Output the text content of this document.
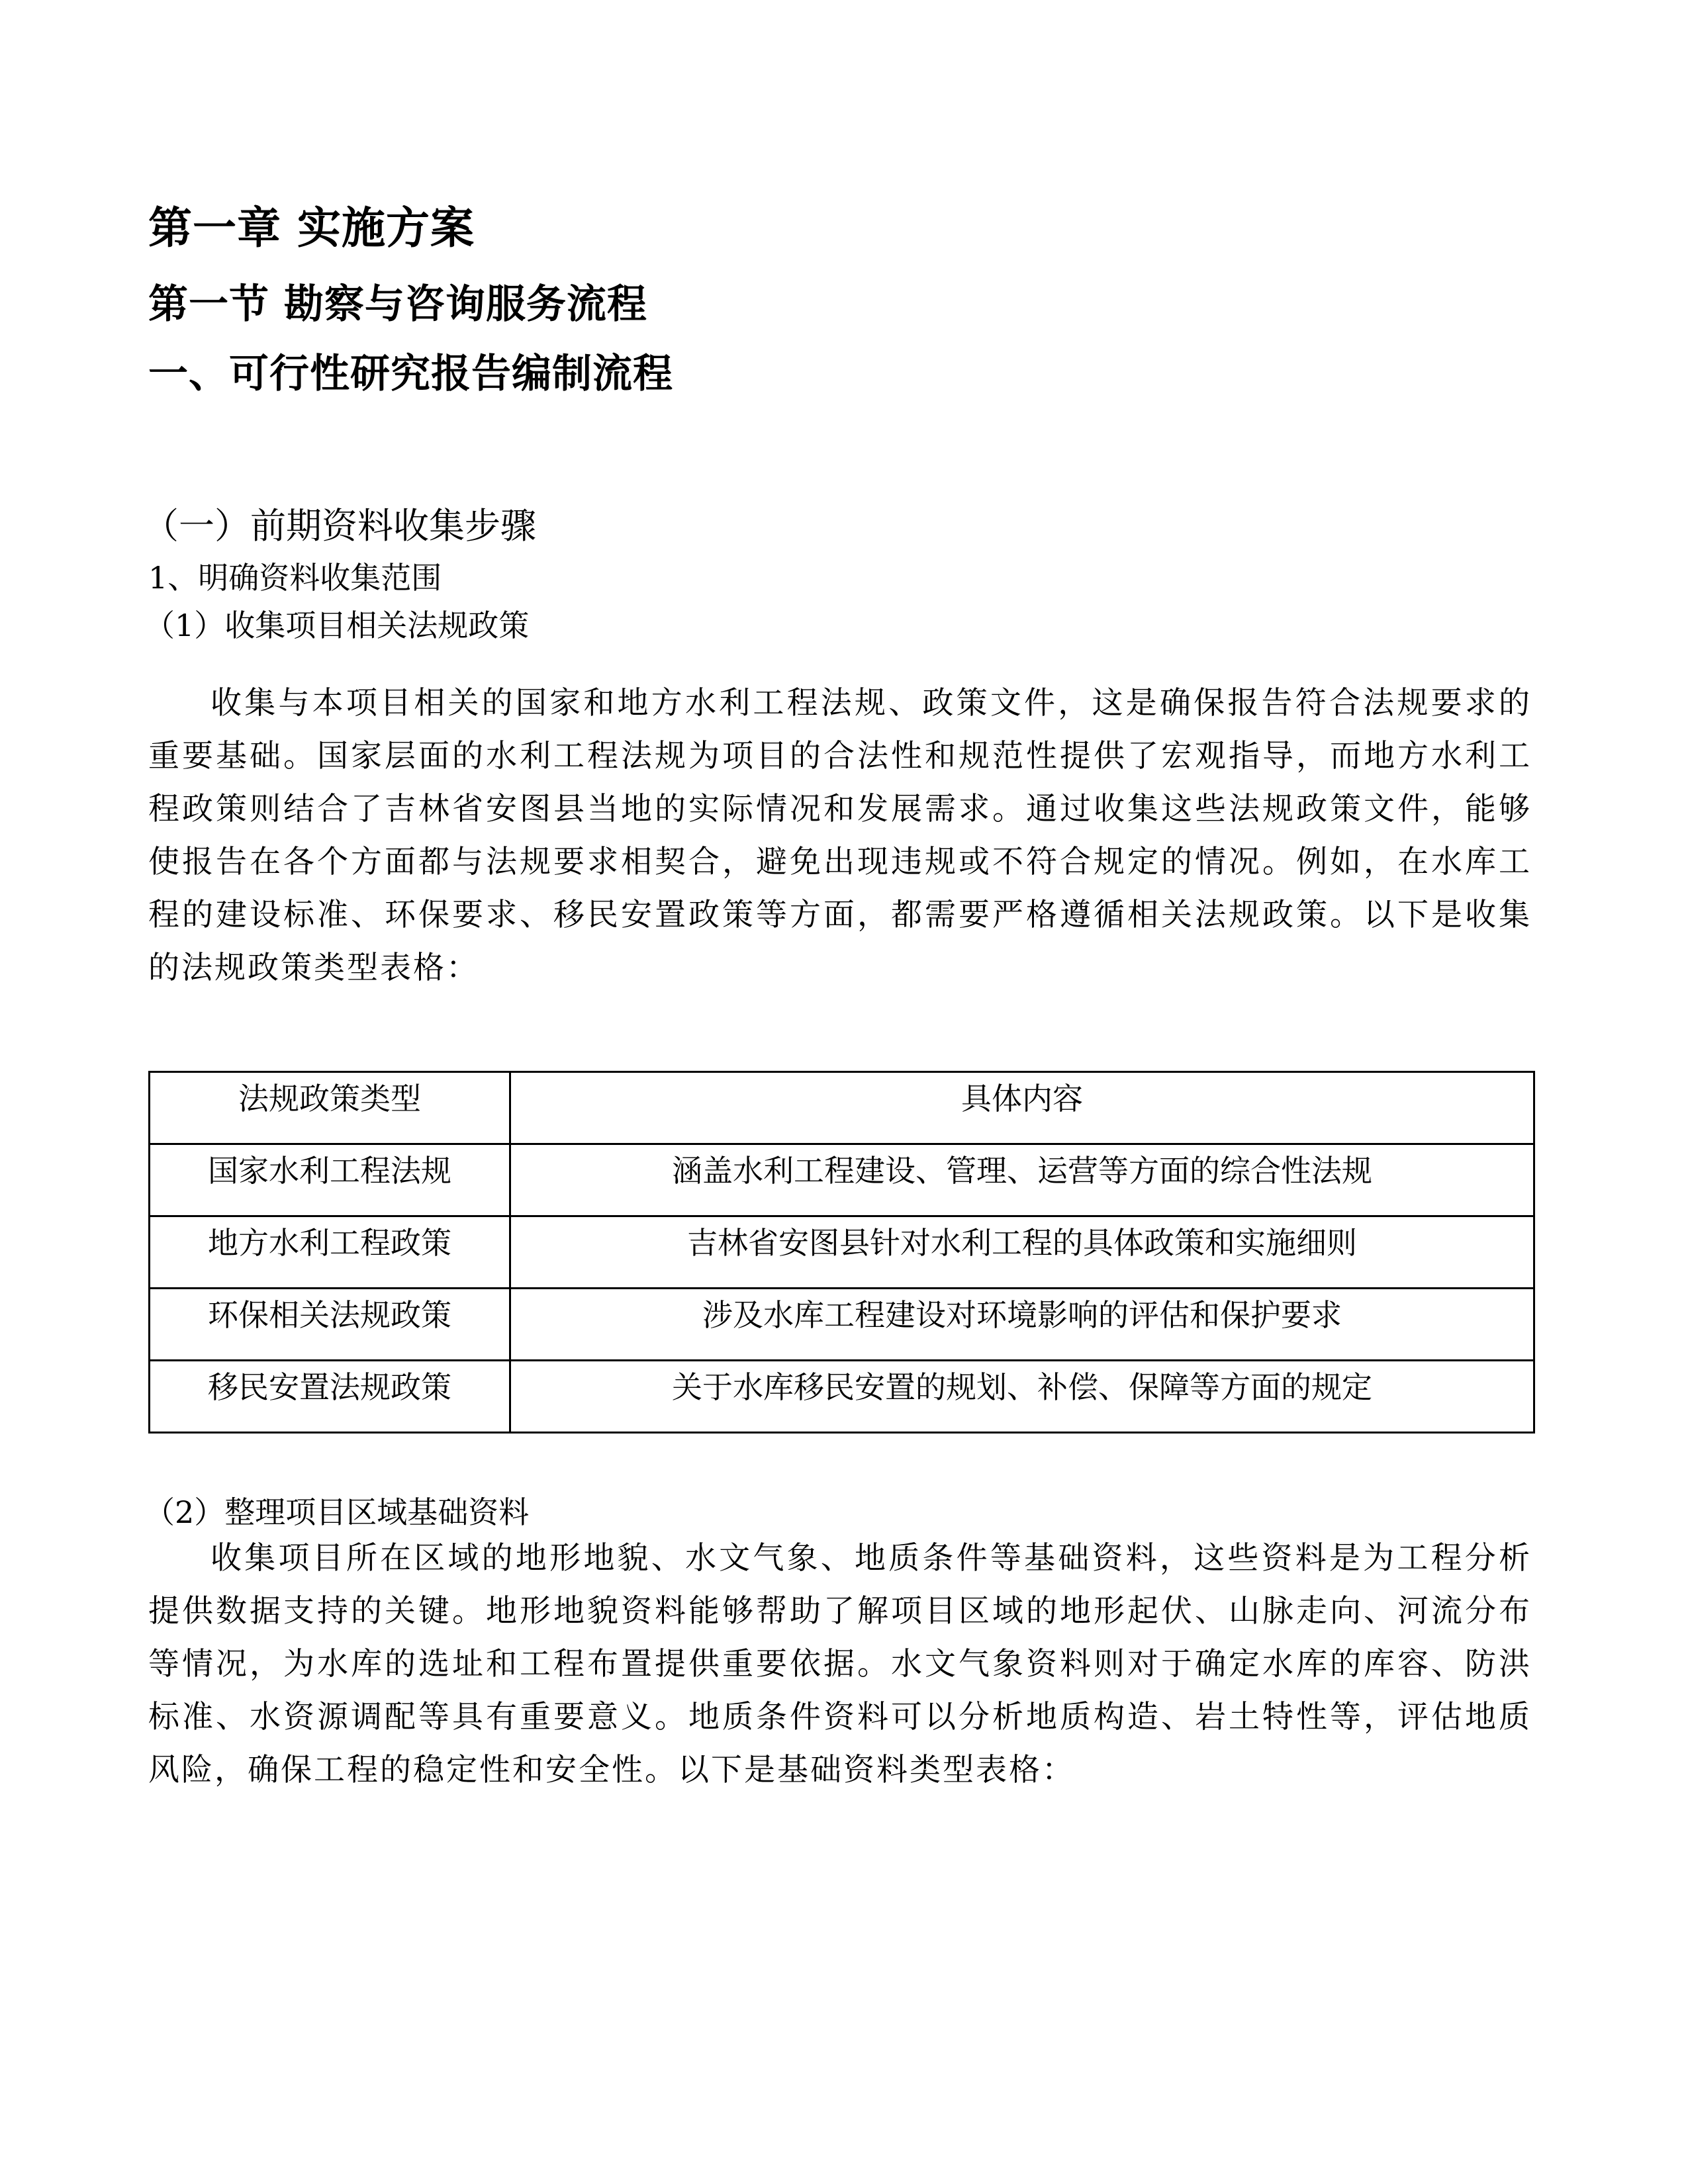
第一章 实施方案
第一节 勘察与咨询服务流程
一、可行性研究报告编制流程
（一）前期资料收集步骤
1、明确资料收集范围
（1）收集项目相关法规政策

收集与本项目相关的国家和地方水利工程法规、政策文件，这是确保报告符合法规要求的重要基础。国家层面的水利工程法规为项目的合法性和规范性提供了宏观指导，而地方水利工程政策则结合了吉林省安图县当地的实际情况和发展需求。通过收集这些法规政策文件，能够使报告在各个方面都与法规要求相契合，避免出现违规或不符合规定的情况。例如，在水库工程的建设标准、环保要求、移民安置政策等方面，都需要严格遵循相关法规政策。以下是收集的法规政策类型表格：

法规政策类型	具体内容
国家水利工程法规	涵盖水利工程建设、管理、运营等方面的综合性法规
地方水利工程政策	吉林省安图县针对水利工程的具体政策和实施细则
环保相关法规政策	涉及水库工程建设对环境影响的评估和保护要求
移民安置法规政策	关于水库移民安置的规划、补偿、保障等方面的规定
（2）整理项目区域基础资料

收集项目所在区域的地形地貌、水文气象、地质条件等基础资料，这些资料是为工程分析提供数据支持的关键。地形地貌资料能够帮助了解项目区域的地形起伏、山脉走向、河流分布等情况，为水库的选址和工程布置提供重要依据。水文气象资料则对于确定水库的库容、防洪标准、水资源调配等具有重要意义。地质条件资料可以分析地质构造、岩土特性等，评估地质风险，确保工程的稳定性和安全性。以下是基础资料类型表格：
